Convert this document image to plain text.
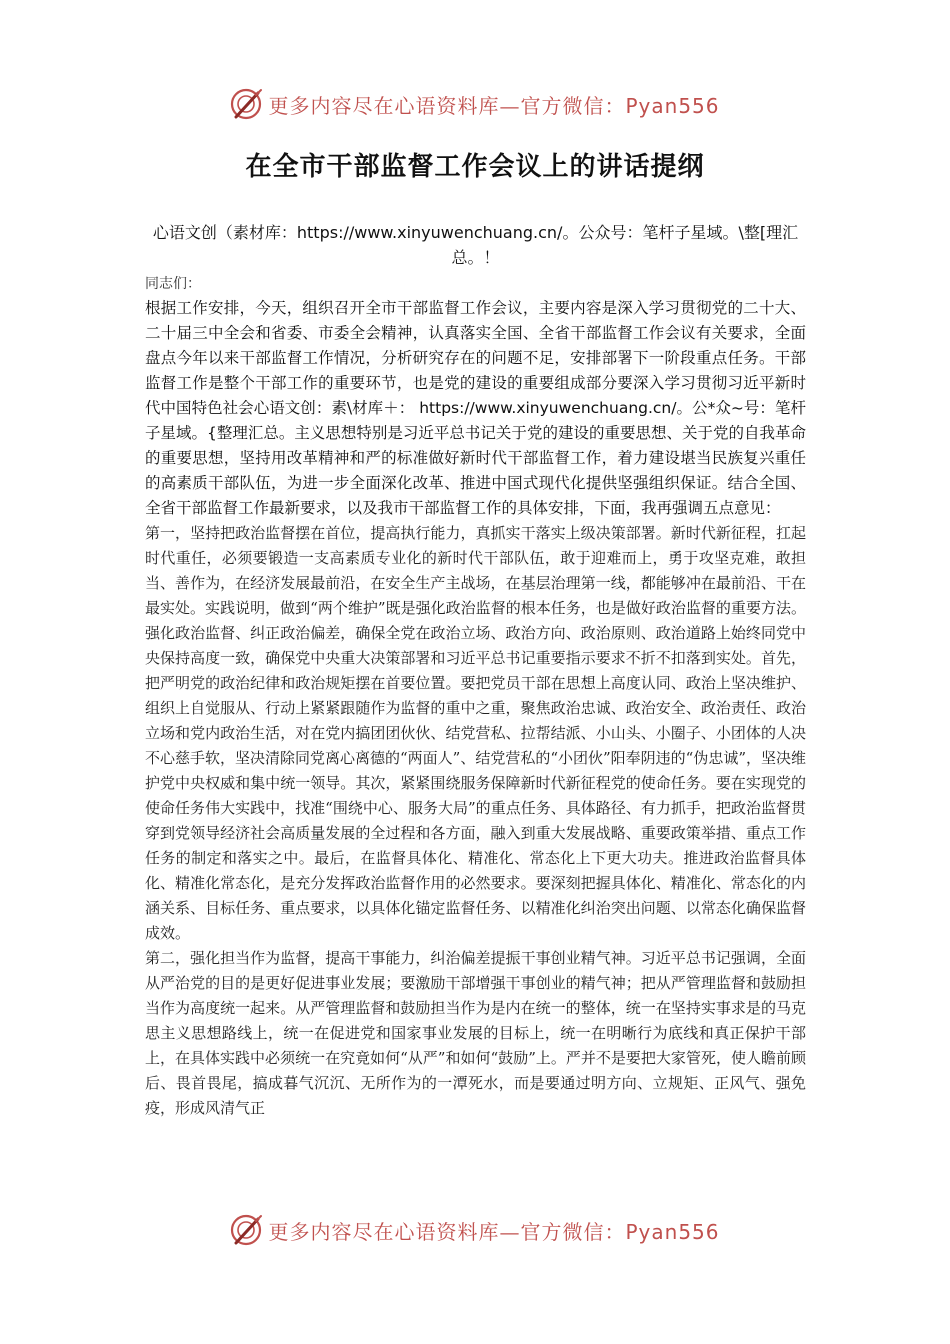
更多内容尽在心语资料库—官方微信：Pyan556
在全市干部监督工作会议上的讲话提纲

心语文创（素材库：https://www.xinyuwenchuang.cn/。公众号：笔杆子星域。\整[理汇总。！

同志们：

根据工作安排，今天，组织召开全市干部监督工作会议，主要内容是深入学习贯彻党的二十大、二十届三中全会和省委、市委全会精神，认真落实全国、全省干部监督工作会议有关要求，全面盘点今年以来干部监督工作情况，分析研究存在的问题不足，安排部署下一阶段重点任务。干部监督工作是整个干部工作的重要环节，也是党的建设的重要组成部分要深入学习贯彻习近平新时代中国特色社会心语文创：素\材库＋： https://www.xinyuwenchuang.cn/。公*众~号：笔杆子星域。{整理汇总。主义思想特别是习近平总书记关于党的建设的重要思想、关于党的自我革命的重要思想，坚持用改革精神和严的标准做好新时代干部监督工作，着力建设堪当民族复兴重任的高素质干部队伍，为进一步全面深化改革、推进中国式现代化提供坚强组织保证。结合全国、全省干部监督工作最新要求，以及我市干部监督工作的具体安排，下面，我再强调五点意见：

第一，坚持把政治监督摆在首位，提高执行能力，真抓实干落实上级决策部署。新时代新征程，扛起时代重任，必须要锻造一支高素质专业化的新时代干部队伍，敢于迎难而上，勇于攻坚克难，敢担当、善作为，在经济发展最前沿，在安全生产主战场，在基层治理第一线，都能够冲在最前沿、干在最实处。实践说明，做到“两个维护”既是强化政治监督的根本任务，也是做好政治监督的重要方法。强化政治监督、纠正政治偏差，确保全党在政治立场、政治方向、政治原则、政治道路上始终同党中央保持高度一致，确保党中央重大决策部署和习近平总书记重要指示要求不折不扣落到实处。首先，把严明党的政治纪律和政治规矩摆在首要位置。要把党员干部在思想上高度认同、政治上坚决维护、组织上自觉服从、行动上紧紧跟随作为监督的重中之重，聚焦政治忠诚、政治安全、政治责任、政治立场和党内政治生活，对在党内搞团团伙伙、结党营私、拉帮结派、小山头、小圈子、小团体的人决不心慈手软，坚决清除同党离心离德的“两面人”、结党营私的“小团伙”阳奉阴违的“伪忠诚”，坚决维护党中央权威和集中统一领导。其次，紧紧围绕服务保障新时代新征程党的使命任务。要在实现党的使命任务伟大实践中，找准“围绕中心、服务大局”的重点任务、具体路径、有力抓手，把政治监督贯穿到党领导经济社会高质量发展的全过程和各方面，融入到重大发展战略、重要政策举措、重点工作任务的制定和落实之中。最后，在监督具体化、精准化、常态化上下更大功夫。推进政治监督具体化、精准化常态化，是充分发挥政治监督作用的必然要求。要深刻把握具体化、精准化、常态化的内涵关系、目标任务、重点要求，以具体化锚定监督任务、以精准化纠治突出问题、以常态化确保监督成效。

第二，强化担当作为监督，提高干事能力，纠治偏差提振干事创业精气神。习近平总书记强调，全面从严治党的目的是更好促进事业发展；要激励干部增强干事创业的精气神；把从严管理监督和鼓励担当作为高度统一起来。从严管理监督和鼓励担当作为是内在统一的整体，统一在坚持实事求是的马克思主义思想路线上，统一在促进党和国家事业发展的目标上，统一在明晰行为底线和真正保护干部上，在具体实践中必须统一在究竟如何“从严”和如何“鼓励”上。严并不是要把大家管死，使人瞻前顾后、畏首畏尾，搞成暮气沉沉、无所作为的一潭死水，而是要通过明方向、立规矩、正风气、强免疫，形成风清气正

更多内容尽在心语资料库—官方微信：Pyan556
